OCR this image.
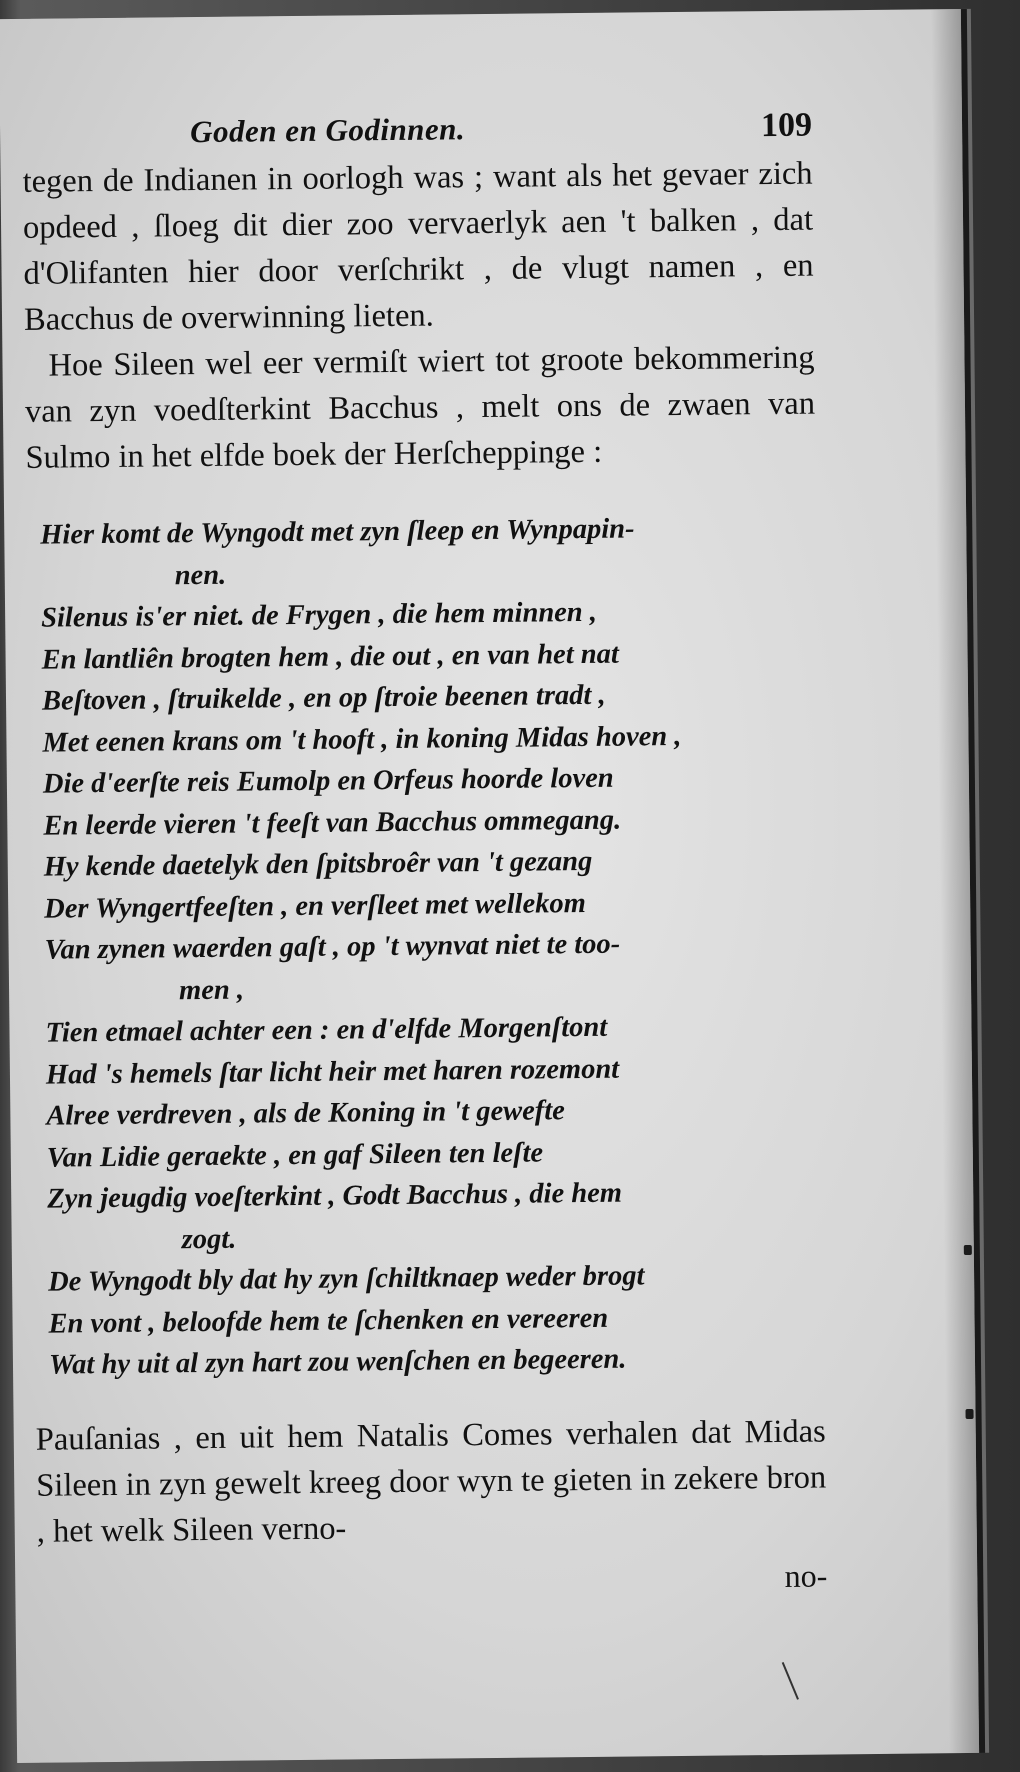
Goden en Godinnen.	109

tegen de Indianen in oorlogh was ; want als het gevaer zich opdeed , ſloeg dit dier zoo vervaerlyk aen 't balken , dat d'Olifanten hier door verſchrikt , de vlugt namen , en Bacchus de overwinning lieten.

Hoe Sileen wel eer vermiſt wiert tot groote bekommering van zyn voedſterkint Bacchus , melt ons de zwaen van Sulmo in het elfde boek der Herſcheppinge :

Hier komt de Wyngodt met zyn ſleep en Wynpapin-
nen.
Silenus is'er niet. de Frygen , die hem minnen ,
En lantliên brogten hem , die out , en van het nat
Beſtoven , ſtruikelde , en op ſtroie beenen tradt ,
Met eenen krans om 't hooft , in koning Midas hoven ,
Die d'eerſte reis Eumolp en Orfeus hoorde loven
En leerde vieren 't feeſt van Bacchus ommegang.
Hy kende daetelyk den ſpitsbroêr van 't gezang
Der Wyngertfeeſten , en verſleet met wellekom
Van zynen waerden gaſt , op 't wynvat niet te too-
men ,
Tien etmael achter een : en d'elfde Morgenſtont
Had 's hemels ſtar licht heir met haren rozemont
Alree verdreven , als de Koning in 't gewefte
Van Lidie geraekte , en gaf Sileen ten leſte
Zyn jeugdig voeſterkint , Godt Bacchus , die hem
zogt.
De Wyngodt bly dat hy zyn ſchiltknaep weder brogt
En vont , beloofde hem te ſchenken en vereeren
Wat hy uit al zyn hart zou wenſchen en begeeren.

Pauſanias , en uit hem Natalis Comes verhalen dat Midas Sileen in zyn gewelt kreeg door wyn te gieten in zekere bron , het welk Sileen verno-

no-
